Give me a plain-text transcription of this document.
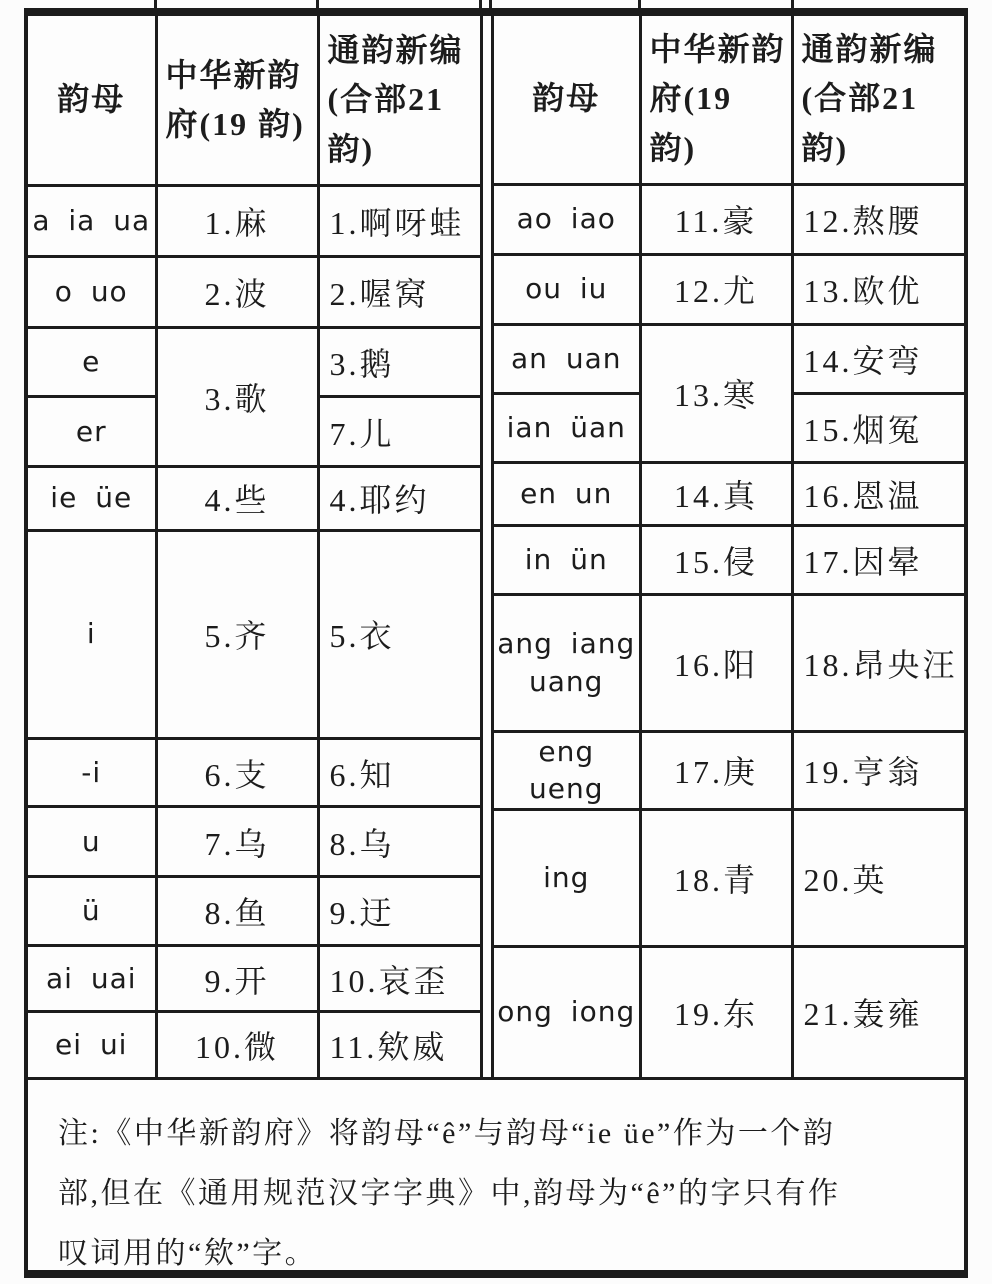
韵母	中华新韵府(19 韵)	通韵新编(合部21 韵)
a ia ua	1.麻	1.啊呀蛙
o uo	2.波	2.喔窝
e	3.歌	3.鹅
er		7.儿
ie üe	4.些	4.耶约
i	5.齐	5.衣
-i	6.支	6.知
u	7.乌	8.乌
ü	8.鱼	9.迂
ai uai	9.开	10.哀歪
ei ui	10.微	11.欸威
韵母	中华新韵府(19 韵)	通韵新编(合部21 韵)
ao iao	11.豪	12.熬腰
ou iu	12.尤	13.欧优
an uan	13.寒	14.安弯
ian üan		15.烟冤
en un	14.真	16.恩温
in ün	15.侵	17.因晕
ang iang uang	16.阳	18.昂央汪
eng ueng	17.庚	19.亨翁
ing	18.青	20.英
ong iong	19.东	21.轰雍
注:《中华新韵府》将韵母“ê”与韵母“ie üe”作为一个韵
部,但在《通用规范汉字字典》中,韵母为“ê”的字只有作
叹词用的“欸”字。
